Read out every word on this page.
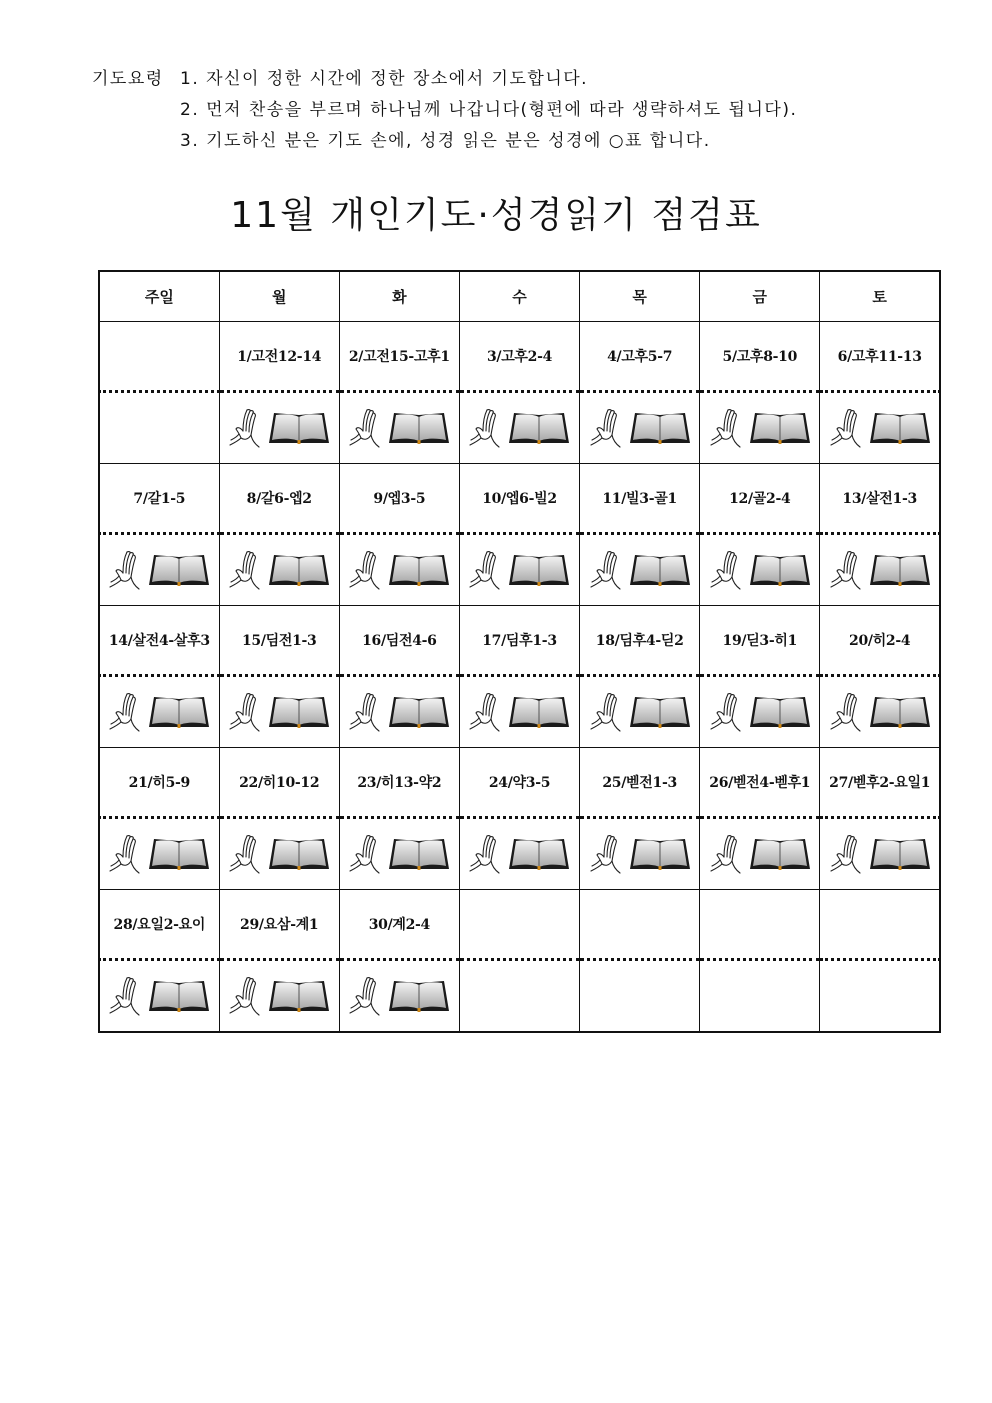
기도요령 1. 자신이 정한 시간에 정한 장소에서 기도합니다.
2. 먼저 찬송을 부르며 하나님께 나갑니다(형편에 따라 생략하셔도 됩니다).
3. 기도하신 분은 기도 손에, 성경 읽은 분은 성경에 ○표 합니다.
11월 개인기도·성경읽기 점검표
주일	월	화	수	목	금	토
	1/고전12-14	2/고전15-고후1	3/고후2-4	4/고후5-7	5/고후8-10	6/고후11-13

7/갈1-5	8/갈6-엡2	9/엡3-5	10/엡6-빌2	11/빌3-골1	12/골2-4	13/살전1-3

14/살전4-살후3	15/딤전1-3	16/딤전4-6	17/딤후1-3	18/딤후4-딛2	19/딛3-히1	20/히2-4

21/히5-9	22/히10-12	23/히13-약2	24/약3-5	25/벧전1-3	26/벧전4-벧후1	27/벧후2-요일1

28/요일2-요이	29/요삼-계1	30/계2-4				
